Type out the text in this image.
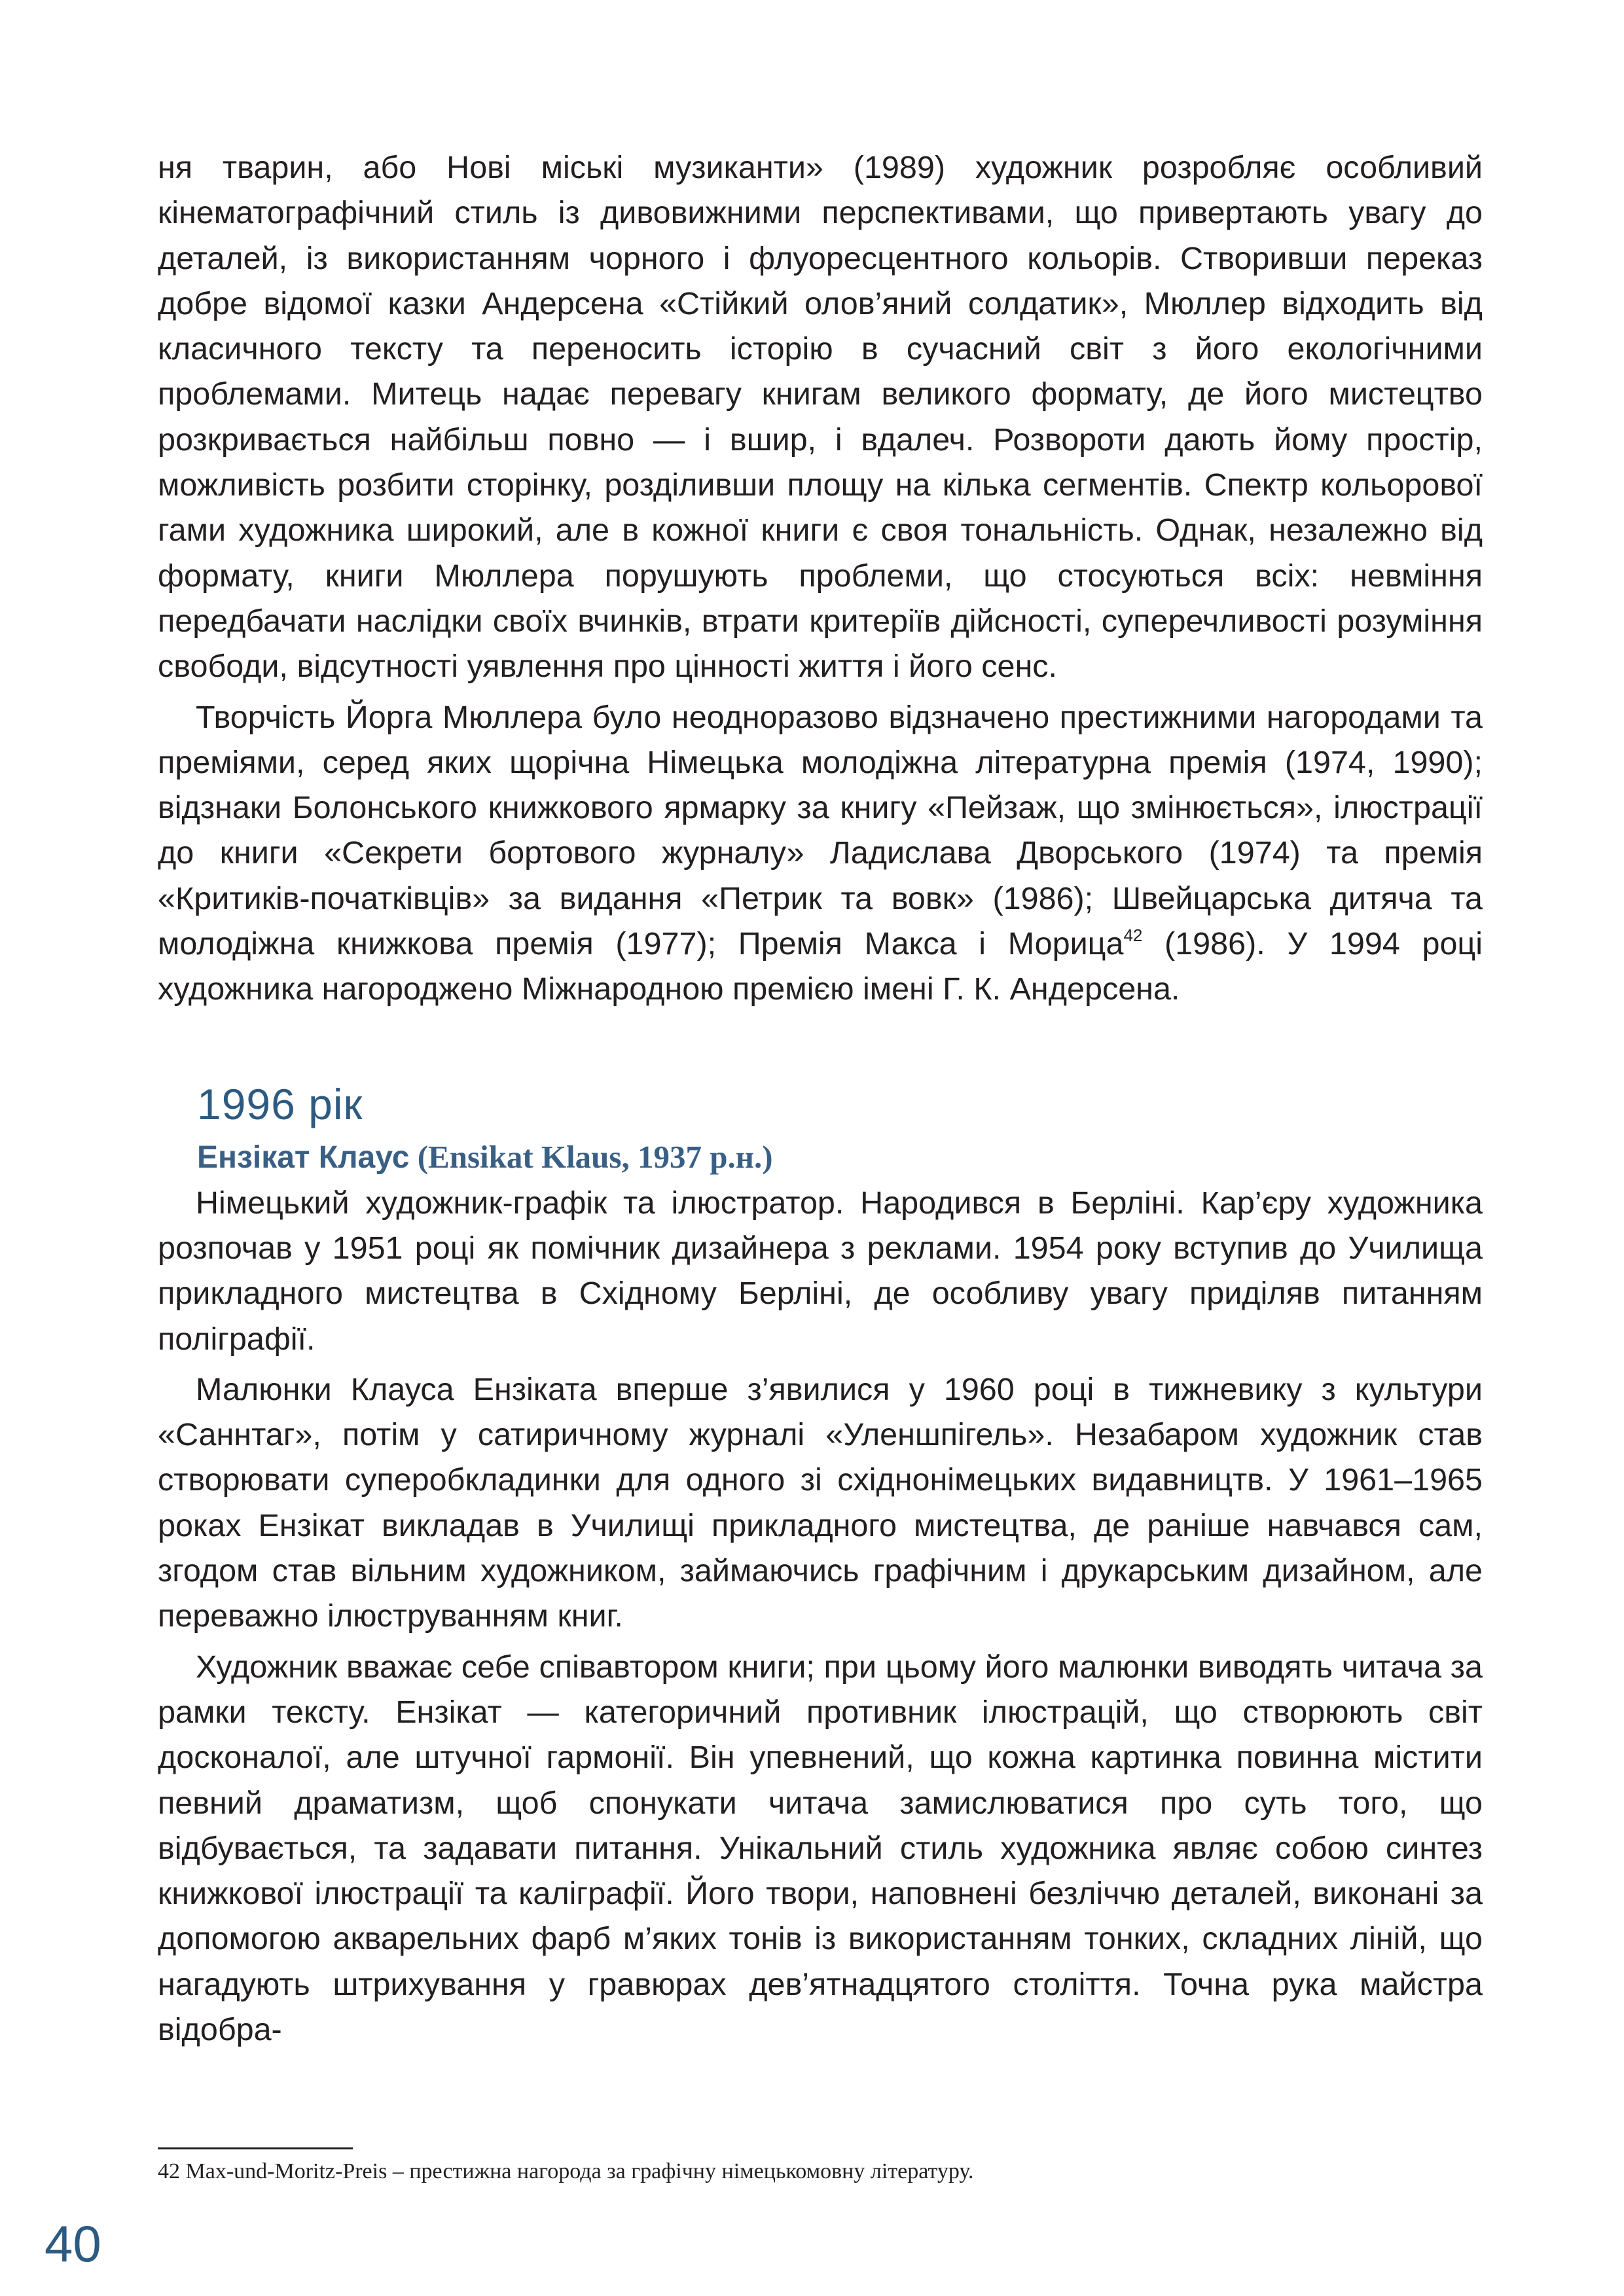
ня тварин, або Нові міські музиканти» (1989) художник розробляє особливий кінематографічний стиль із дивовижними перспективами, що привертають увагу до деталей, із використанням чорного і флуоресцентного кольорів. Створивши переказ добре відомої казки Андерсена «Стійкий олов’яний солдатик», Мюллер відходить від класичного тексту та переносить історію в сучасний світ з його екологічними проблемами. Митець надає перевагу книгам великого формату, де його мистецтво розкривається найбільш повно — і вшир, і вдалеч. Розвороти дають йому простір, можливість розбити сторінку, розділивши площу на кілька сегментів. Спектр кольорової гами художника широкий, але в кожної книги є своя тональність. Однак, незалежно від формату, книги Мюллера порушують проблеми, що стосуються всіх: невміння передбачати наслідки своїх вчинків, втрати критеріїв дійсності, суперечливості розуміння свободи, відсутності уявлення про цінності життя і його сенс.

Творчість Йорга Мюллера було неодноразово відзначено престижними нагородами та преміями, серед яких щорічна Німецька молодіжна літературна премія (1974, 1990); відзнаки Болонського книжкового ярмарку за книгу «Пейзаж, що змінюється», ілюстрації до книги «Секрети бортового журналу» Ладислава Дворського (1974) та премія «Критиків-початківців» за видання «Петрик та вовк» (1986); Швейцарська дитяча та молодіжна книжкова премія (1977); Премія Макса і Морица$^{42}$ (1986). У 1994 році художника нагороджено Міжнародною премією імені Г. К. Андерсена.

1996 рік
Ензікат Клаус (Ensikat Klaus, 1937 р.н.)

Німецький художник-графік та ілюстратор. Народився в Берліні. Кар’єру художника розпочав у 1951 році як помічник дизайнера з реклами. 1954 року вступив до Училища прикладного мистецтва в Східному Берліні, де особливу увагу приділяв питанням поліграфії.

Малюнки Клауса Ензіката вперше з’явилися у 1960 році в тижневику з культури «Саннтаг», потім у сатиричному журналі «Уленшпігель». Незабаром художник став створювати суперобкладинки для одного зі східнонімецьких видавництв. У 1961–1965 роках Ензікат викладав в Училищі прикладного мистецтва, де раніше навчався сам, згодом став вільним художником, займаючись графічним і друкарським дизайном, але переважно ілюструванням книг.

Художник вважає себе співавтором книги; при цьому його малюнки виводять читача за рамки тексту. Ензікат — категоричний противник ілюстрацій, що створюють світ досконалої, але штучної гармонії. Він упевнений, що кожна картинка повинна містити певний драматизм, щоб спонукати читача замислюватися про суть того, що відбувається, та задавати питання. Унікальний стиль художника являє собою синтез книжкової ілюстрації та каліграфії. Його твори, наповнені безліччю деталей, виконані за допомогою акварельних фарб м’яких тонів із використанням тонких, складних ліній, що нагадують штрихування у гравюрах дев’ятнадцятого століття. Точна рука майстра відобра-

42 Max-und-Moritz-Preis – престижна нагорода за графічну німецькомовну літературу.

40
